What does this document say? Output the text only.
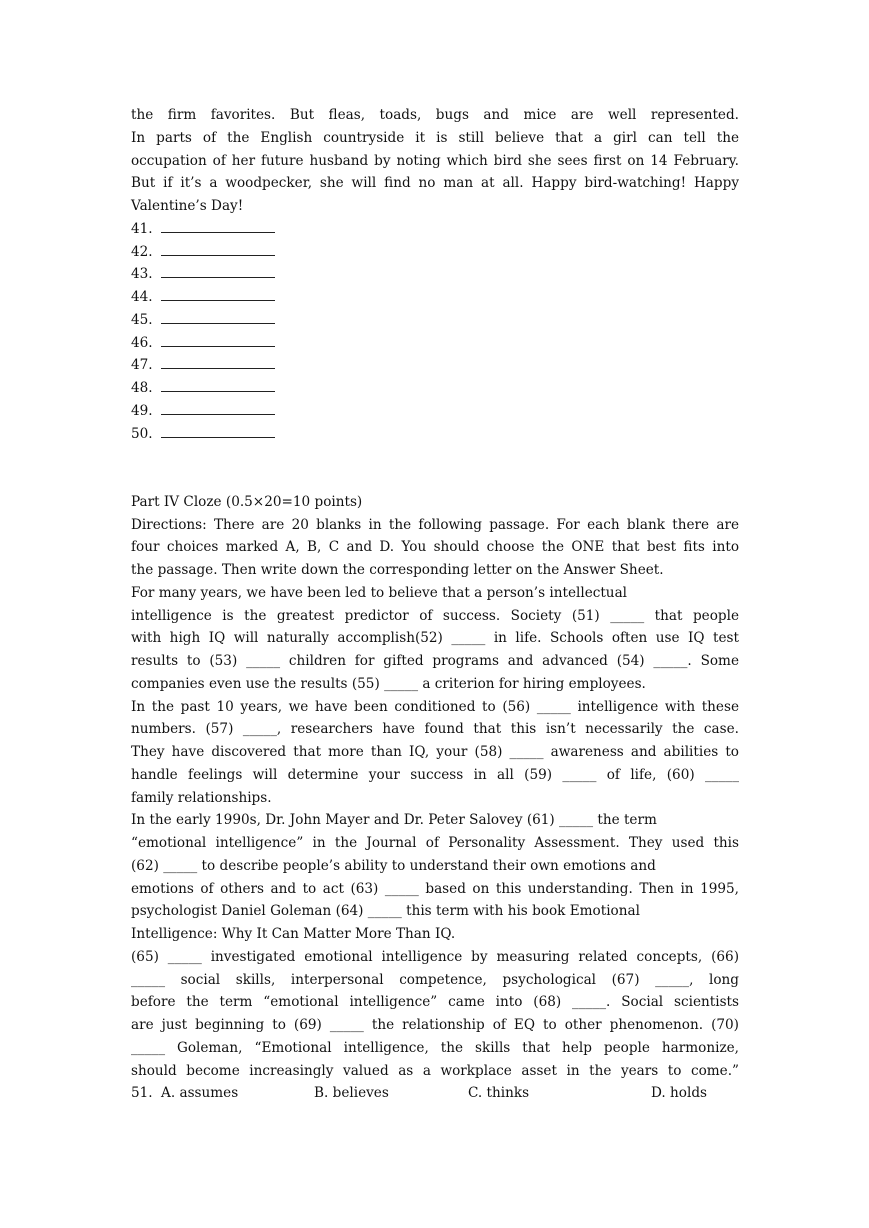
the firm favorites. But fleas, toads, bugs and mice are well represented.
In parts of the English countryside it is still believe that a girl can tell the
occupation of her future husband by noting which bird she sees first on 14 February.
But if it’s a woodpecker, she will find no man at all. Happy bird-watching! Happy
Valentine’s Day!
41.
42.
43.
44.
45.
46.
47.
48.
49.
50.
Part IV Cloze (0.5×20=10 points)
Directions: There are 20 blanks in the following passage. For each blank there are
four choices marked A, B, C and D. You should choose the ONE that best fits into
the passage. Then write down the corresponding letter on the Answer Sheet.
For many years, we have been led to believe that a person’s intellectual
intelligence is the greatest predictor of success. Society (51) _____ that people
with high IQ will naturally accomplish(52) _____ in life. Schools often use IQ test
results to (53) _____ children for gifted programs and advanced (54) _____. Some
companies even use the results (55) _____ a criterion for hiring employees.
In the past 10 years, we have been conditioned to (56) _____ intelligence with these
numbers. (57) _____, researchers have found that this isn’t necessarily the case.
They have discovered that more than IQ, your (58) _____ awareness and abilities to
handle feelings will determine your success in all (59) _____ of life, (60) _____
family relationships.
In the early 1990s, Dr. John Mayer and Dr. Peter Salovey (61) _____ the term
“emotional intelligence” in the Journal of Personality Assessment. They used this
(62) _____ to describe people’s ability to understand their own emotions and
emotions of others and to act (63) _____ based on this understanding. Then in 1995,
psychologist Daniel Goleman (64) _____ this term with his book Emotional
Intelligence: Why It Can Matter More Than IQ.
(65) _____ investigated emotional intelligence by measuring related concepts, (66)
_____ social skills, interpersonal competence, psychological (67) _____, long
before the term “emotional intelligence” came into (68) _____. Social scientists
are just beginning to (69) _____ the relationship of EQ to other phenomenon. (70)
_____ Goleman, “Emotional intelligence, the skills that help people harmonize,
should become increasingly valued as a workplace asset in the years to come.”
51. A. assumes	B. believes	C. thinks	D. holds
